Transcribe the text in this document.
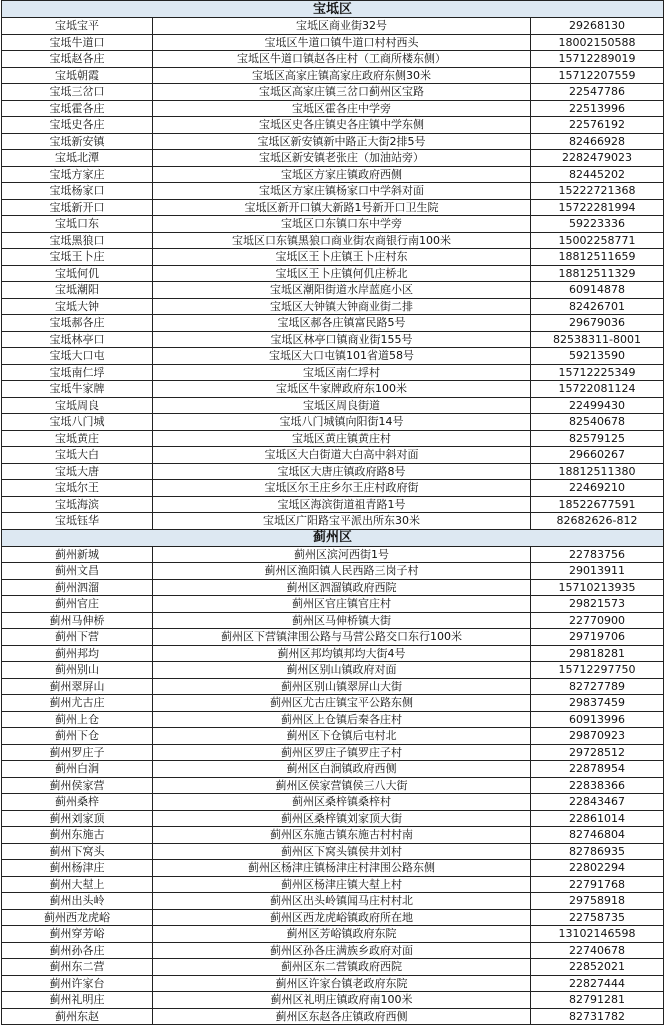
宝坻区		
宝坻宝平	宝坻区商业街32号	29268130
宝坻牛道口	宝坻区牛道口镇牛道口村村西头	18002150588
宝坻赵各庄	宝坻区牛道口镇赵各庄村（工商所楼东侧）	15712289019
宝坻朝霞	宝坻区高家庄镇高家庄政府东侧30米	15712207559
宝坻三岔口	宝坻区高家庄镇三岔口蓟州区宝路	22547786
宝坻霍各庄	宝坻区霍各庄中学旁	22513996
宝坻史各庄	宝坻区史各庄镇史各庄镇中学东侧	22576192
宝坻新安镇	宝坻区新安镇新中路正大街2排5号	82466928
宝坻北潭	宝坻区新安镇老张庄（加油站旁）	2282479023
宝坻方家庄	宝坻区方家庄镇政府西侧	82445202
宝坻杨家口	宝坻区方家庄镇杨家口中学斜对面	15222721368
宝坻新开口	宝坻区新开口镇大新路1号新开口卫生院	15722281994
宝坻口东	宝坻区口东镇口东中学旁	59223336
宝坻黑狼口	宝坻区口东镇黑狼口商业街农商银行南100米	15002258771
宝坻王卜庄	宝坻区王卜庄镇王卜庄村东	18812511659
宝坻何仉	宝坻区王卜庄镇何仉庄桥北	18812511329
宝坻潮阳	宝坻区潮阳街道水岸蓝庭小区	60914878
宝坻大钟	宝坻区大钟镇大钟商业街二排	82426701
宝坻郝各庄	宝坻区郝各庄镇富民路5号	29679036
宝坻林亭口	宝坻区林亭口镇商业街155号	82538311-8001
宝坻大口屯	宝坻区大口屯镇101省道58号	59213590
宝坻南仁垺	宝坻区南仁垺村	15712225349
宝坻牛家牌	宝坻区牛家牌政府东100米	15722081124
宝坻周良	宝坻区周良街道	22499430
宝坻八门城	宝坻八门城镇向阳街14号	82540678
宝坻黄庄	宝坻区黄庄镇黄庄村	82579125
宝坻大白	宝坻区大白街道大白高中斜对面	29660267
宝坻大唐	宝坻区大唐庄镇政府路8号	18812511380
宝坻尔王	宝坻区尔王庄乡尔王庄村政府街	22469210
宝坻海滨	宝坻区海滨街道祖青路1号	18522677591
宝坻钰华	宝坻区广阳路宝平派出所东30米	82682626-812
蓟州区		
蓟州新城	蓟州区滨河西街1号	22783756
蓟州文昌	蓟州区渔阳镇人民西路三岗子村	29013911
蓟州泗溜	蓟州区泗溜镇政府西院	15710213935
蓟州官庄	蓟州区官庄镇官庄村	29821573
蓟州马伸桥	蓟州区马伸桥镇大街	22770900
蓟州下营	蓟州区下营镇津围公路与马营公路交口东行100米	29719706
蓟州邦均	蓟州区邦均镇邦均大街4号	29818281
蓟州别山	蓟州区别山镇政府对面	15712297750
蓟州翠屏山	蓟州区别山镇翠屏山大街	82727789
蓟州尤古庄	蓟州区尤古庄镇宝平公路东侧	29837459
蓟州上仓	蓟州区上仓镇后秦各庄村	60913996
蓟州下仓	蓟州区下仓镇后屯村北	29870923
蓟州罗庄子	蓟州区罗庄子镇罗庄子村	29728512
蓟州白涧	蓟州区白涧镇政府西侧	22878954
蓟州侯家营	蓟州区侯家营镇侯三八大街	22838366
蓟州桑梓	蓟州区桑梓镇桑梓村	22843467
蓟州刘家顶	蓟州区桑梓镇刘家顶大街	22861014
蓟州东施古	蓟州区东施古镇东施古村村南	82746804
蓟州下窝头	蓟州区下窝头镇侯井刘村	82786935
蓟州杨津庄	蓟州区杨津庄镇杨津庄村津围公路东侧	22802294
蓟州大堼上	蓟州区杨津庄镇大堼上村	22791768
蓟州出头岭	蓟州区出头岭镇闻马庄村村北	29758918
蓟州西龙虎峪	蓟州区西龙虎峪镇政府所在地	22758735
蓟州穿芳峪	蓟州区芳峪镇政府东院	13102146598
蓟州孙各庄	蓟州区孙各庄满族乡政府对面	22740678
蓟州东二营	蓟州区东二营镇政府西院	22852021
蓟州许家台	蓟州区许家台镇老政府东院	22827444
蓟州礼明庄	蓟州区礼明庄镇政府南100米	82791281
蓟州东赵	蓟州区东赵各庄镇政府西侧	82731782
